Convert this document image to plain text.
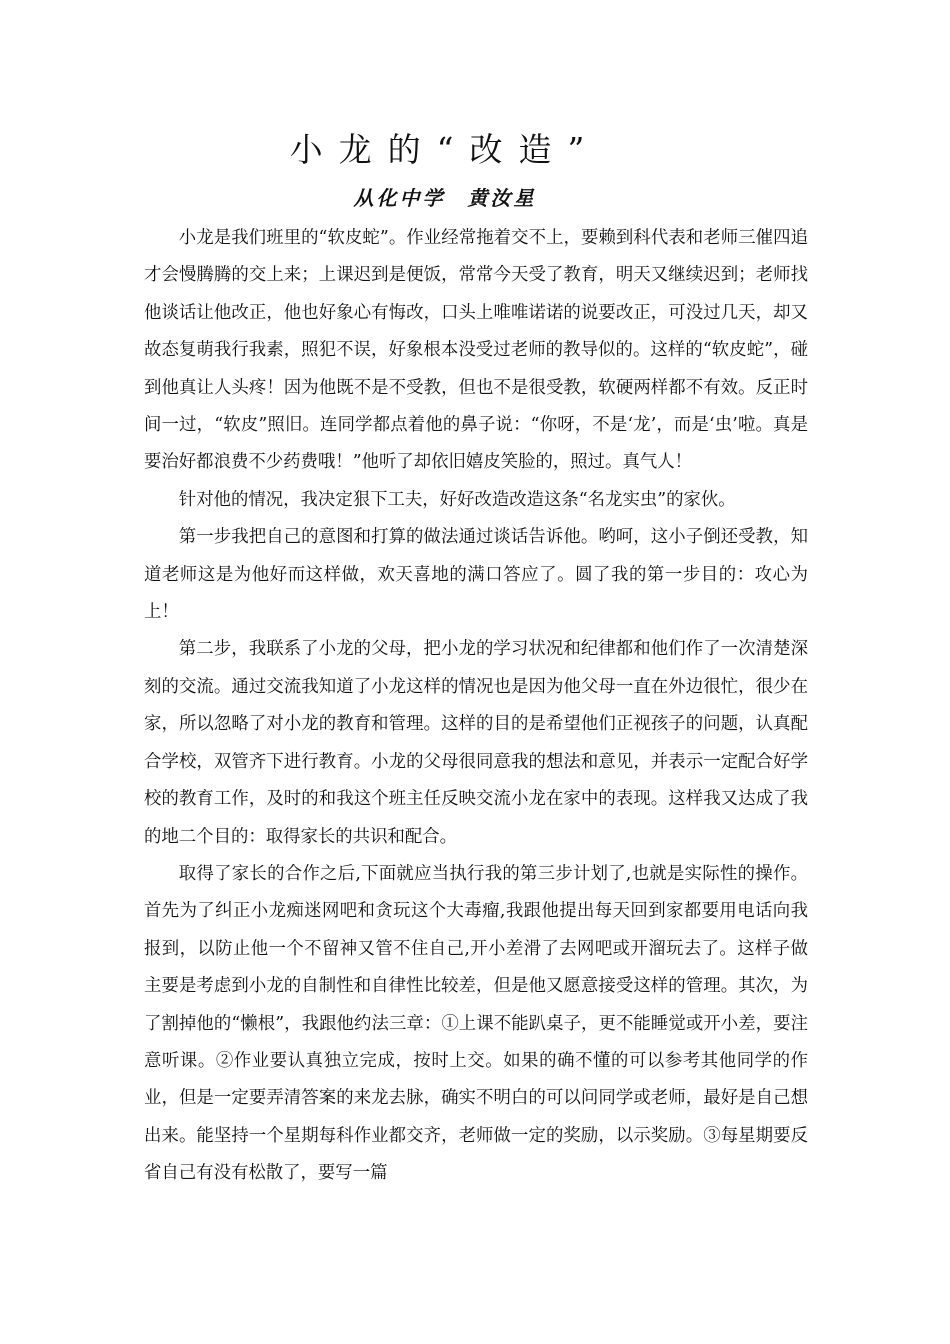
小龙的“改造”
从化中学 黄汝星

小龙是我们班里的“软皮蛇”。作业经常拖着交不上，要赖到科代表和老师三催四追才会慢腾腾的交上来；上课迟到是便饭，常常今天受了教育，明天又继续迟到；老师找他谈话让他改正，他也好象心有悔改，口头上唯唯诺诺的说要改正，可没过几天，却又故态复萌我行我素，照犯不误，好象根本没受过老师的教导似的。这样的“软皮蛇”，碰到他真让人头疼！因为他既不是不受教，但也不是很受教，软硬两样都不有效。反正时间一过，“软皮”照旧。连同学都点着他的鼻子说：“你呀，不是‘龙’，而是‘虫’啦。真是要治好都浪费不少药费哦！”他听了却依旧嬉皮笑脸的，照过。真气人！

针对他的情况，我决定狠下工夫，好好改造改造这条“名龙实虫”的家伙。

第一步我把自己的意图和打算的做法通过谈话告诉他。哟呵，这小子倒还受教，知道老师这是为他好而这样做，欢天喜地的满口答应了。圆了我的第一步目的：攻心为上！

第二步，我联系了小龙的父母，把小龙的学习状况和纪律都和他们作了一次清楚深刻的交流。通过交流我知道了小龙这样的情况也是因为他父母一直在外边很忙，很少在家，所以忽略了对小龙的教育和管理。这样的目的是希望他们正视孩子的问题，认真配合学校，双管齐下进行教育。小龙的父母很同意我的想法和意见，并表示一定配合好学校的教育工作，及时的和我这个班主任反映交流小龙在家中的表现。这样我又达成了我的地二个目的：取得家长的共识和配合。

取得了家长的合作之后,下面就应当执行我的第三步计划了,也就是实际性的操作。首先为了纠正小龙痴迷网吧和贪玩这个大毒瘤,我跟他提出每天回到家都要用电话向我报到，以防止他一个不留神又管不住自己,开小差滑了去网吧或开溜玩去了。这样子做主要是考虑到小龙的自制性和自律性比较差，但是他又愿意接受这样的管理。其次，为了割掉他的“懒根”，我跟他约法三章：①上课不能趴桌子，更不能睡觉或开小差，要注意听课。②作业要认真独立完成，按时上交。如果的确不懂的可以参考其他同学的作业，但是一定要弄清答案的来龙去脉，确实不明白的可以问同学或老师，最好是自己想出来。能坚持一个星期每科作业都交齐，老师做一定的奖励，以示奖励。③每星期要反省自己有没有松散了，要写一篇
